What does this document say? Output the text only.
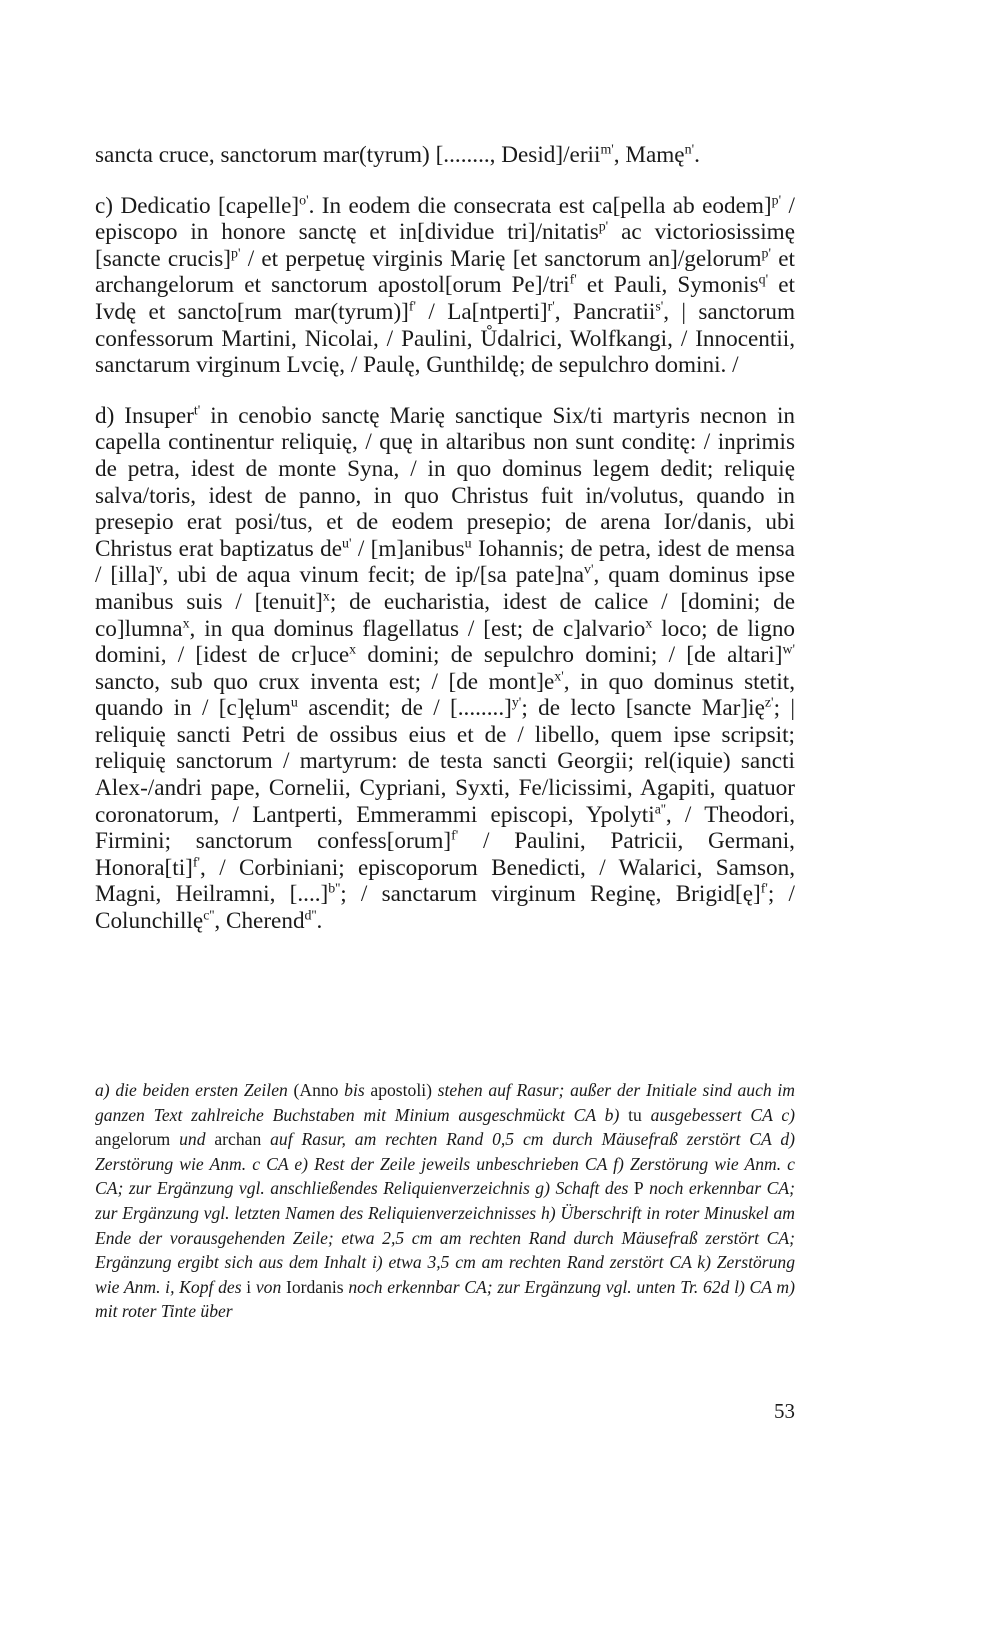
sancta cruce, sanctorum mar(tyrum) [........, Desid]/erii$^{m'}$, Mamę$^{n'}$.

c) Dedicatio [capelle]$^{o'}$. In eodem die consecrata est ca[pella ab eodem]$^{p'}$ / episcopo in honore sanctę et in[dividue tri]/nitatis$^{p'}$ ac victoriosissimę [sancte crucis]$^{p'}$ / et perpetuę virginis Marię [et sanctorum an]/gelorum$^{p'}$ et archangelorum et sanctorum apostol[orum Pe]/tri$^{f'}$ et Pauli, Symonis$^{q'}$ et Ivdę et sancto[rum mar(tyrum)]$^{f'}$ / La[ntperti]$^{r'}$, Pancratii$^{s'}$, | sanctorum confessorum Martini, Nicolai, / Paulini, Ůdalrici, Wolfkangi, / Innocentii, sanctarum virginum Lvcię, / Paulę, Gunthildę; de sepulchro domini. /

d) Insuper$^{t'}$ in cenobio sanctę Marię sanctique Six/ti martyris necnon in capella continentur reliquię, / quę in altaribus non sunt conditę: / inprimis de petra, idest de monte Syna, / in quo dominus legem dedit; reliquię salva/toris, idest de panno, in quo Christus fuit in/volutus, quando in presepio erat posi/tus, et de eodem presepio; de arena Ior/danis, ubi Christus erat baptizatus $de^{u'}$ / [m]anibus$^u$ Iohannis; de petra, idest de mensa / [illa]$^v$, ubi de aqua vinum fecit; de ip/[sa $pate]na^{v'}$, quam dominus ipse manibus suis / [tenuit]$^x$; de eucharistia, idest de calice / [domini; de co]lumna$^x$, in qua dominus flagellatus / [est; de c]alvario$^x$ loco; de ligno domini, / [idest de cr]uce$^x$ domini; de sepulchro domini; / [de altari]$^{w'}$ sancto, sub quo crux inventa est; / [de $mont]e^{x'}$, in quo dominus stetit, quando in / [c]ęlum$^u$ ascendit; de / [........]$^{y'}$; de lecto [sancte $Mar]ię^{z'}$; | reliquię sancti Petri de ossibus eius et de / libello, quem ipse scripsit; reliquię sanctorum / martyrum: de testa sancti Georgii; rel(iquie) sancti Alex-/andri pape, Cornelii, Cypriani, Syxti, Fe/licissimi, Agapiti, quatuor coronatorum, / Lantperti, Emmerammi episcopi, Ypolyti$^{a''}$, / Theodori, Firmini; sanctorum confess[orum]$^{f'}$ / Paulini, Patricii, Germani, Honora[ti]$^{f'}$, / Corbiniani; episcoporum Benedicti, / Walarici, Samson, Magni, Heilramni, [....]$^{b''}$; / sanctarum virginum Reginę, Brigid[ę]$^{f'}$; / Colunchillę$^{c''}$, Cherend$^{d''}$.

a) die beiden ersten Zeilen (Anno bis apostoli) stehen auf Rasur; außer der Initiale sind auch im ganzen Text zahlreiche Buchstaben mit Minium ausgeschmückt CA b) tu ausgebessert CA c) angelorum und archan auf Rasur, am rechten Rand 0,5 cm durch Mäusefraß zerstört CA d) Zerstörung wie Anm. c CA e) Rest der Zeile jeweils unbeschrieben CA f) Zerstörung wie Anm. c CA; zur Ergänzung vgl. anschließendes Reliquienverzeichnis g) Schaft des P noch erkennbar CA; zur Ergänzung vgl. letzten Namen des Reliquienverzeichnisses h) Überschrift in roter Minuskel am Ende der vorausgehenden Zeile; etwa 2,5 cm am rechten Rand durch Mäusefraß zerstört CA; Ergänzung ergibt sich aus dem Inhalt i) etwa 3,5 cm am rechten Rand zerstört CA k) Zerstörung wie Anm. i, Kopf des i von Iordanis noch erkennbar CA; zur Ergänzung vgl. unten Tr. 62d l) CA m) mit roter Tinte über
53
